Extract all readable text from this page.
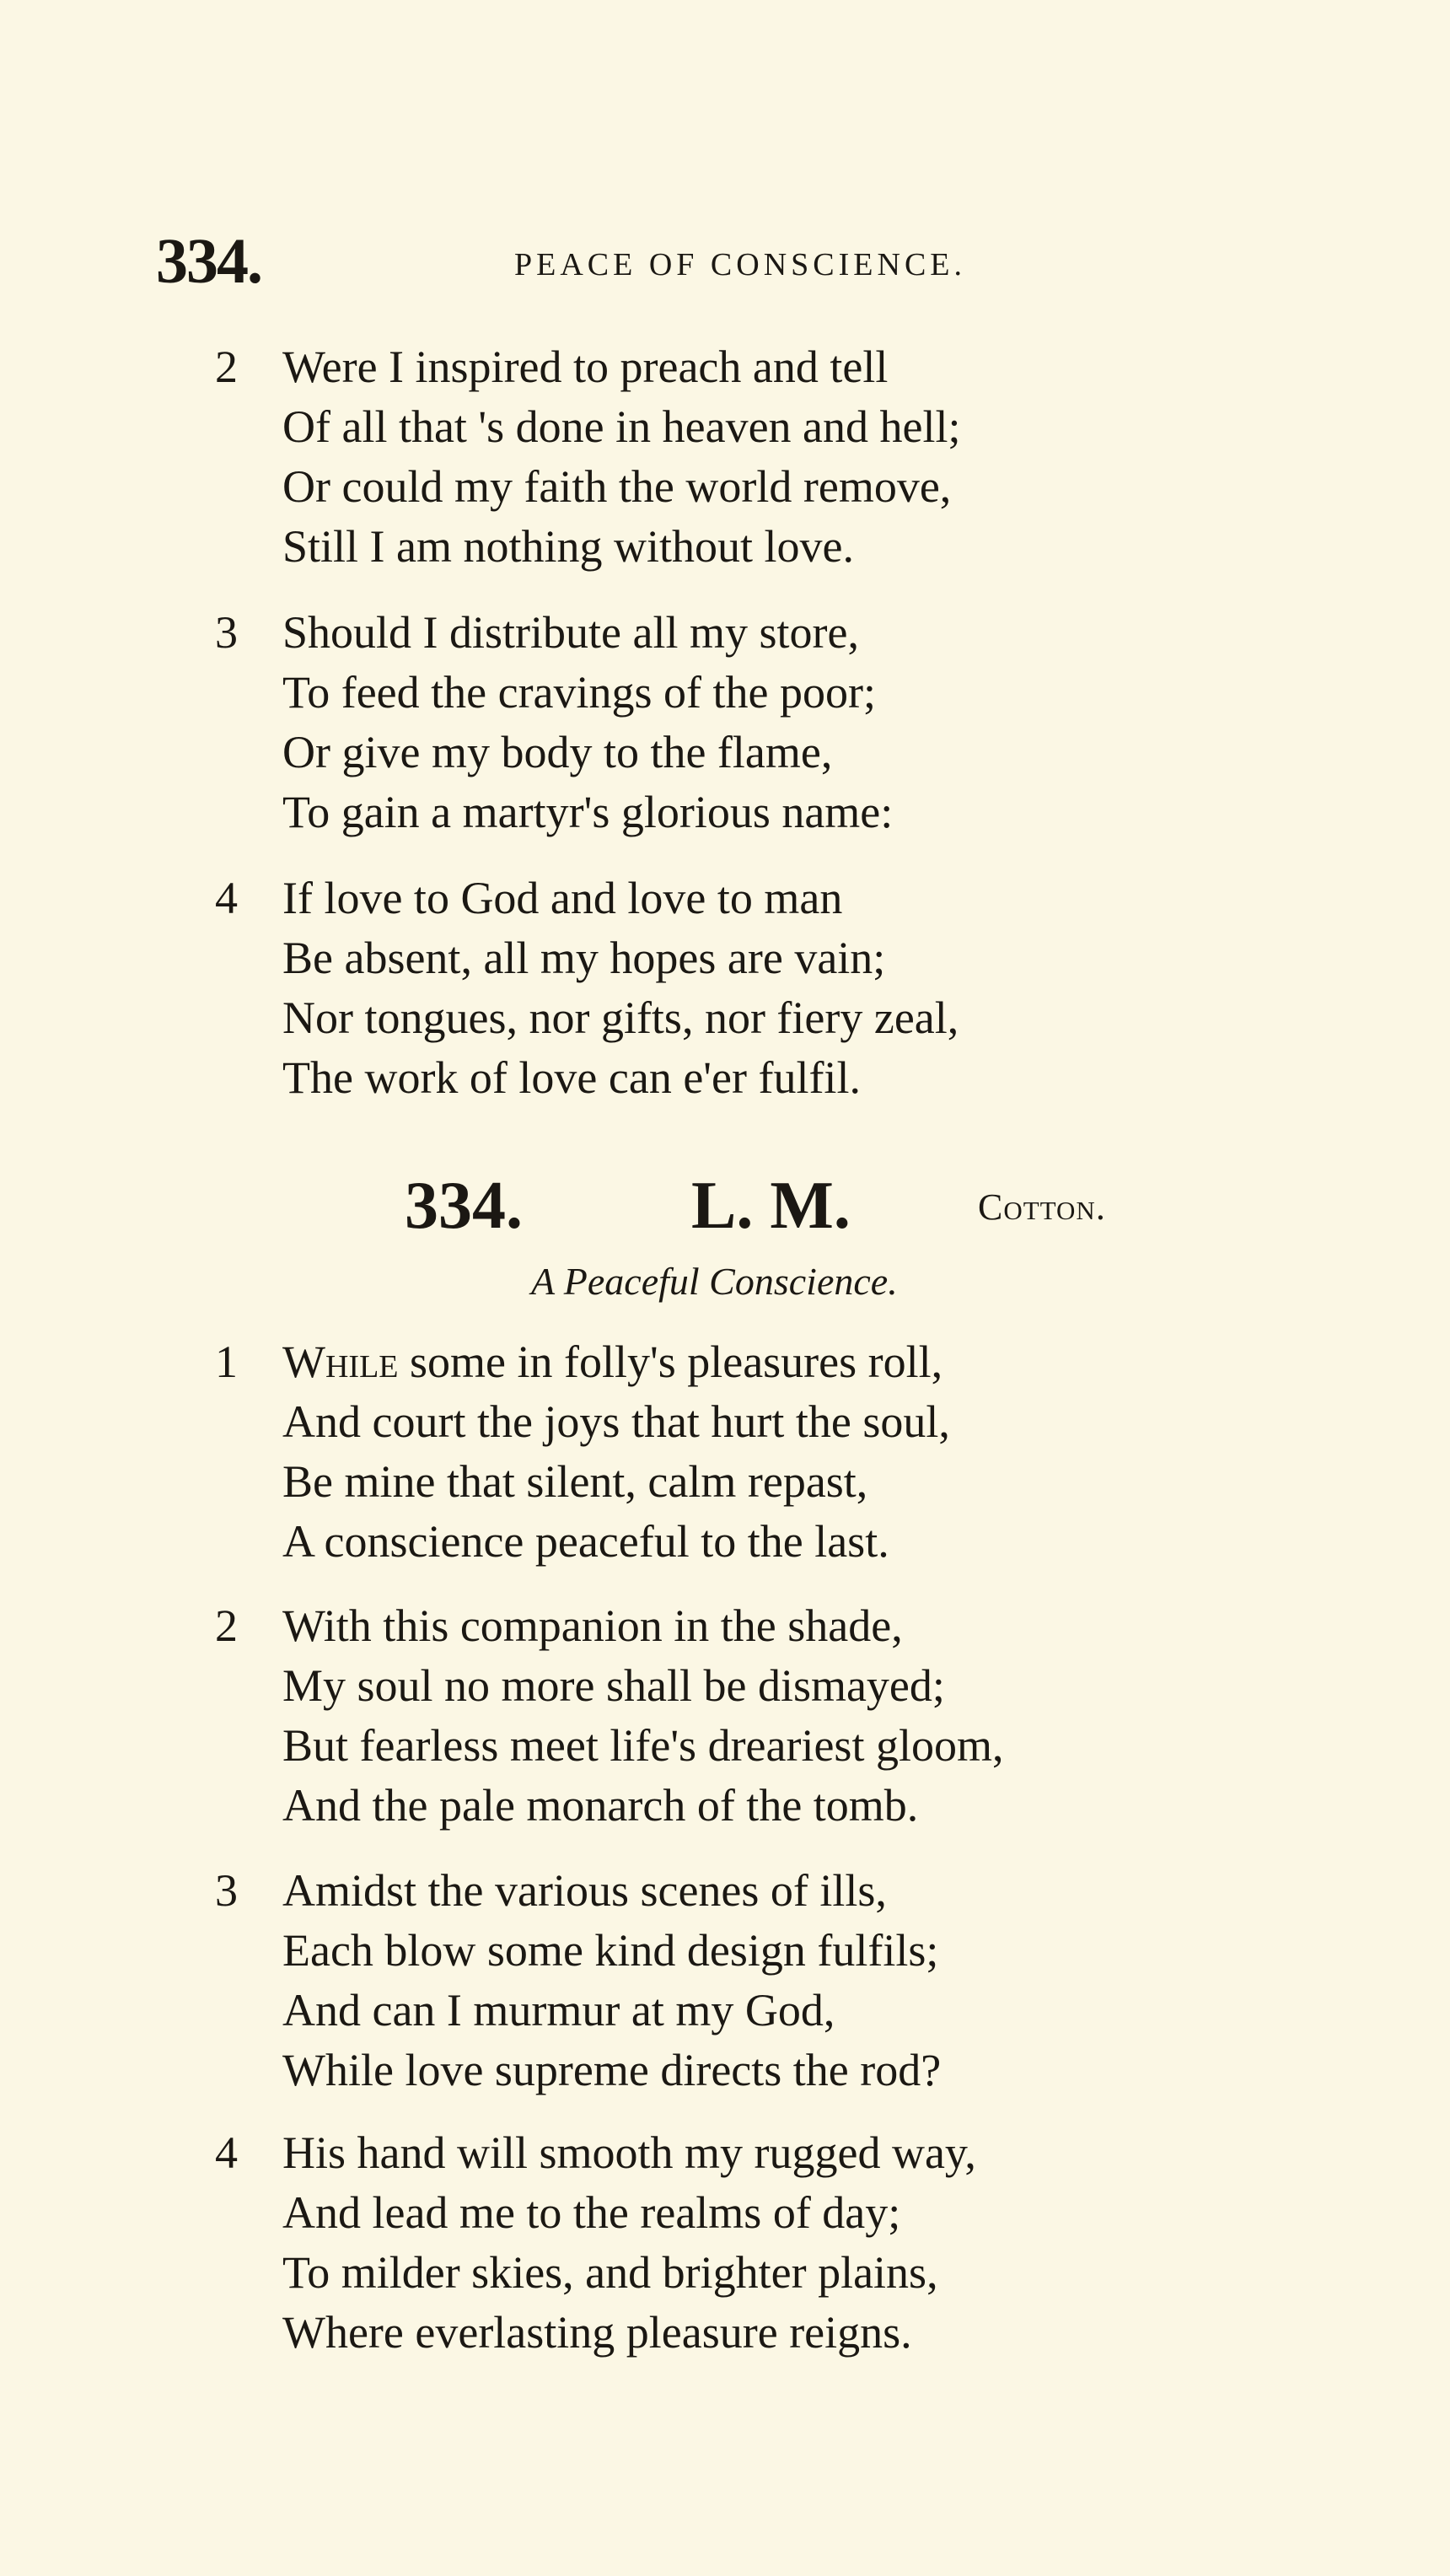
334.	PEACE OF CONSCIENCE.
2 Were I inspired to preach and tell
Of all that 's done in heaven and hell;
Or could my faith the world remove,
Still I am nothing without love.
3 Should I distribute all my store,
To feed the cravings of the poor;
Or give my body to the flame,
To gain a martyr's glorious name:
4 If love to God and love to man
Be absent, all my hopes are vain;
Nor tongues, nor gifts, nor fiery zeal,
The work of love can e'er fulfil.
334.	L. M.	Cotton.
A Peaceful Conscience.
1 While some in folly's pleasures roll,
And court the joys that hurt the soul,
Be mine that silent, calm repast,
A conscience peaceful to the last.
2 With this companion in the shade,
My soul no more shall be dismayed;
But fearless meet life's dreariest gloom,
And the pale monarch of the tomb.
3 Amidst the various scenes of ills,
Each blow some kind design fulfils;
And can I murmur at my God,
While love supreme directs the rod?
4 His hand will smooth my rugged way,
And lead me to the realms of day;
To milder skies, and brighter plains,
Where everlasting pleasure reigns.
